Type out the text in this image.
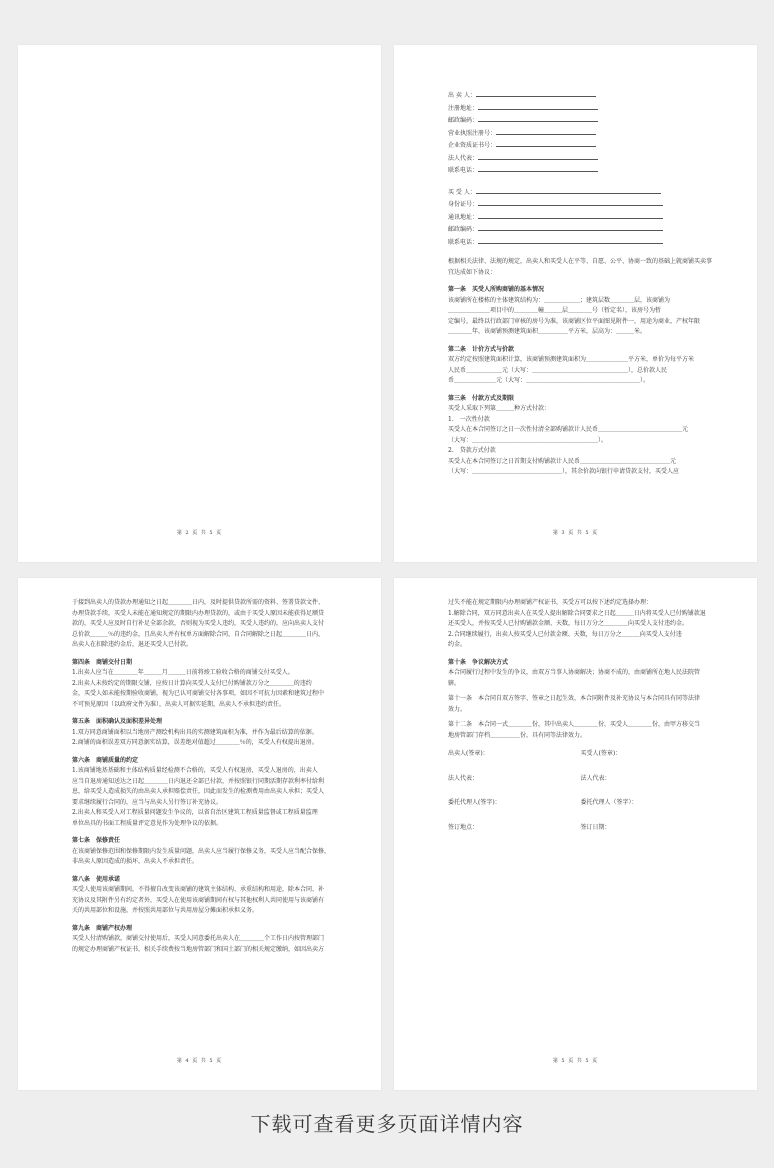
第 2 页 共 5 页

出 卖 人：

注册地址：

邮政编码：

营业执照注册号：

企业资质证书号：

法人代表：

联系电话：

买 受 人：

身份证号：

通讯地址：

邮政编码：

联系电话：

根据相关法律、法规的规定，出卖人和买受人在平等、自愿、公平、协商一致的基础上就商铺买卖事宜达成如下协议：

第一条　买受人所购商铺的基本情况

该商铺所在楼栋的主体建筑结构为：＿＿＿＿＿＿；建筑层数＿＿＿＿层，该商铺为

＿＿＿＿＿＿＿项目中的＿＿＿＿幢＿＿＿层＿＿＿＿号（暂定名），该房号为暂

定编号，最终以行政部门审核的房号为准，该商铺区位平面图见附件一，用途为商业，产权年限

＿＿＿＿年，该商铺预测建筑面积＿＿＿＿＿平方米，层高为：＿＿＿米。

第二条　计价方式与价款

双方约定按照建筑面积计算，该商铺预测建筑面积为＿＿＿＿＿＿＿平方米，单价为每平方米

人民币＿＿＿＿＿＿元（大写：＿＿＿＿＿＿＿＿＿＿＿＿＿＿＿＿），总价款人民

币＿＿＿＿＿＿＿元（大写：＿＿＿＿＿＿＿＿＿＿＿＿＿＿＿＿＿＿＿）。

第三条　付款方式及期限

买受人采取下列第＿＿＿种方式付款：

1.　一次性付款

买受人在本合同签订之日一次性付清全部购铺款计人民币＿＿＿＿＿＿＿＿＿＿＿＿＿＿元

（大写：＿＿＿＿＿＿＿＿＿＿＿＿＿＿＿＿＿＿＿＿＿）。

2.　贷款方式付款

买受人在本合同签订之日首期支付购铺款计人民币＿＿＿＿＿＿＿＿＿＿＿＿＿＿＿元

（大写：＿＿＿＿＿＿＿＿＿＿＿＿＿＿＿），其余价款向银行申请贷款支付，买受人应

第 3 页 共 5 页

于接到出卖人的贷款办理通知之日起＿＿＿＿日内，及时提供贷款所需的资料、签署贷款文件、

办理贷款手续，买受人未能在通知规定的期限内办理贷款的，或由于买受人原因未能获得足额贷

款的，买受人应及时自行补足全部余款，否则视为买受人违约，买受人违约的，应向出卖人支付

总价款＿＿＿％的违约金，且出卖人并有权单方面解除合同，自合同解除之日起＿＿＿＿日内，

出卖人在扣除违约金后，退还买受人已付款。

第四条　商铺交付日期

1.出卖人应当在＿＿＿＿年＿＿＿月＿＿＿日前将竣工验收合格的商铺交付买受人。

2.出卖人未按约定的期限交铺，应按日计算向买受人支付已付购铺款万分之＿＿＿＿的违约

金，买受人如未能按期验收商铺，视为已认可商铺交付各事项，如因不可抗力因素和建筑过程中

不可预见原因（以政府文件为准），出卖人可据实延期，出卖人不承担违约责任。

第五条　面积确认及面积差异处理

1.双方同意商铺面积以当地房产测绘机构出具的实测建筑面积为准，并作为最后结算的依据。

2.商铺的面积误差双方同意据实结算，误差绝对值超过＿＿＿＿％的，买受人有权提出退房。

第六条　商铺质量的约定

1.该商铺地基基础和主体结构质量经检测不合格的，买受人有权退房，买受人退房的，出卖人

应当自退房通知送达之日起＿＿＿＿日内退还全部已付款，并按照银行同期活期存款利率付给利

息，给买受人造成损失的由出卖人承担赔偿责任，因此而发生的检测费用由出卖人承担；买受人

要求继续履行合同的，应当与出卖人另行签订补充协议。

2.出卖人和买受人对工程质量问题发生争议的，以省自治区建筑工程质量监督或工程质量监理

单位出具的书面工程质量评定意见作为处理争议的依据。

第七条　保修责任

在该商铺保修范围和保修期限内发生质量问题，出卖人应当履行保修义务，买受人应当配合保修，

非出卖人原因造成的损坏，出卖人不承担责任。

第八条　使用承诺

买受人使用该商铺期间，不得擅自改变该商铺的建筑主体结构、承重结构和用途，除本合同、补

充协议及其附件另有约定者外，买受人在使用该商铺期间有权与其他权利人共同使用与该商铺有

关的共用部位和设施，并按照共用部位与共用房屋分摊面积承担义务。

第九条　商铺产权办理

买受人付清购铺款，商铺交付使用后，买受人同意委托出卖人在＿＿＿＿个工作日内按管理部门

的规定办理商铺产权证书，相关手续费按当地房管部门和国土部门的相关规定缴纳，如因出卖方

第 4 页 共 5 页

过失不能在规定期限内办理商铺产权证书，买受方可以按下述约定选择办理：

1.解除合同，双方同意出卖人在买受人提出解除合同要求之日起＿＿＿日内将买受人已付购铺款退

还买受人，并按买受人已付购铺款金额、天数，每日万分之＿＿＿＿向买受人支付违约金。

2.合同继续履行，出卖人按买受人已付款金额、天数，每日万分之＿＿＿向买受人支付违

约金。

第十条　争议解决方式

本合同履行过程中发生的争议，由双方当事人协商解决；协商不成的，由商铺所在地人民法院管

辖。

第十一条　本合同自双方签字、签章之日起生效，本合同附件及补充协议与本合同具有同等法律

效力。

第十二条　本合同一式＿＿＿＿份，其中出卖人＿＿＿＿份，买受人＿＿＿＿份，由甲方移交当

地房管部门存档＿＿＿＿＿份，具有同等法律效力。

出卖人(签章)：	买受人(签章)：
法人代表：	法人代表：
委托代理人(签字)：	委托代理人（签字）：
签订地点：	签订日期：
第 5 页 共 5 页
下载可查看更多页面详情内容
